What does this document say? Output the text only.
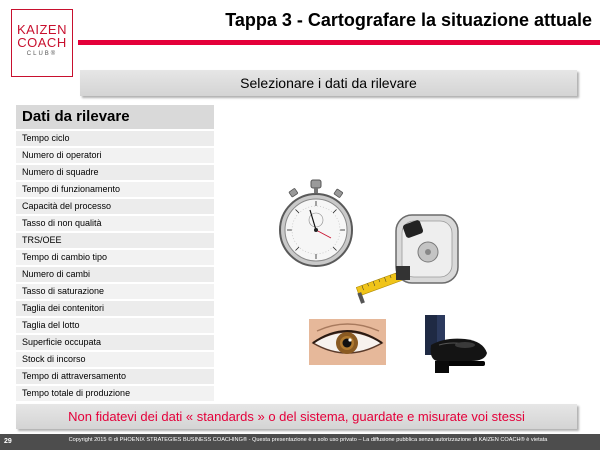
KAIZEN
COACH
CLUB®
Tappa 3 - Cartografare la situazione attuale
Selezionare i dati da rilevare
Dati da rilevare
Tempo ciclo
Numero di operatori
Numero di squadre
Tempo di funzionamento
Capacità del processo
Tasso di non qualità
TRS/OEE
Tempo di cambio tipo
Numero di cambi
Tasso di saturazione
Taglia dei contenitori
Taglia del lotto
Superficie occupata
Stock di incorso
Tempo di attraversamento
Tempo totale di produzione
Non fidatevi dei dati « standards » o del sistema, guardate e misurate voi stessi
29	Copyright 2015 © di PHOENIX STRATEGIES BUSINESS COACHING® - Questa presentazione è a solo uso privato – La diffusione pubblica senza autorizzazione di KAIZEN COACH® è vietata
